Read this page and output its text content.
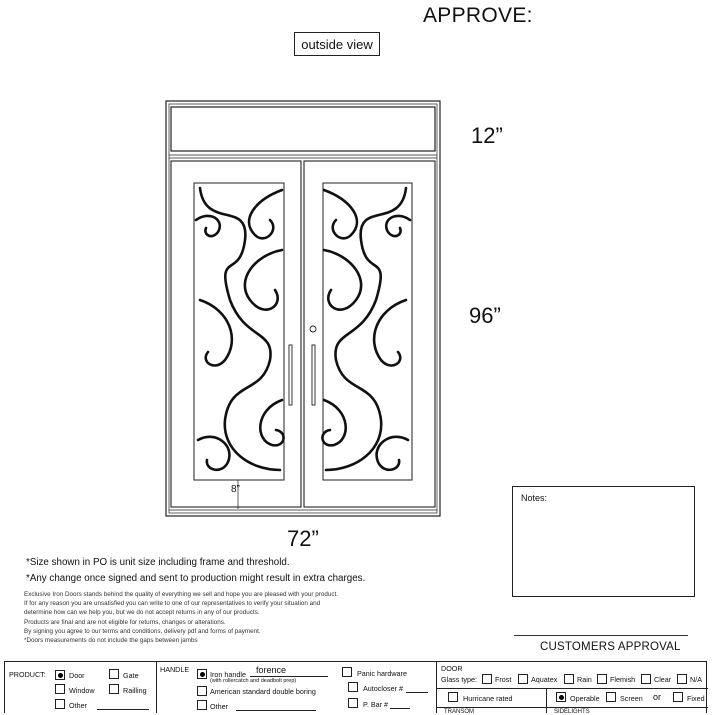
APPROVE:
outside view
12”
96”
72”
8”
Notes:
CUSTOMERS APPROVAL
*Size shown in PO is unit size including frame and threshold.
*Any change once signed and sent to production might result in extra charges.
Exclusive Iron Doors stands behind the quality of everything we sell and hope you are pleased with your product.
If for any reason you are unsatisfied you can write to one of our representatives to verify your situation and
determine how can we help you, but we do not accept returns in any of our products.
Products are final and are not eligible for returns, changes or alterations.
By signing you agree to our terms and conditions, delivery pdf and forms of payment.
*Doors measurements do not include the gaps between jambs
PRODUCT:	Door	Gate
Window	Railling
Other
HANDLE
Iron handle forence
(with rollercatch and deadbolt prep)
American standard double boring
Other
Panic hardware
Autocloser #
P. Bar #
DOOR
Glass type:	Frost	Aquatex	Rain	Flemish	Clear	N/A
Hurricane rated	Operable	Screen or	Fixed
TRANSOM	SIDELIGHTS
